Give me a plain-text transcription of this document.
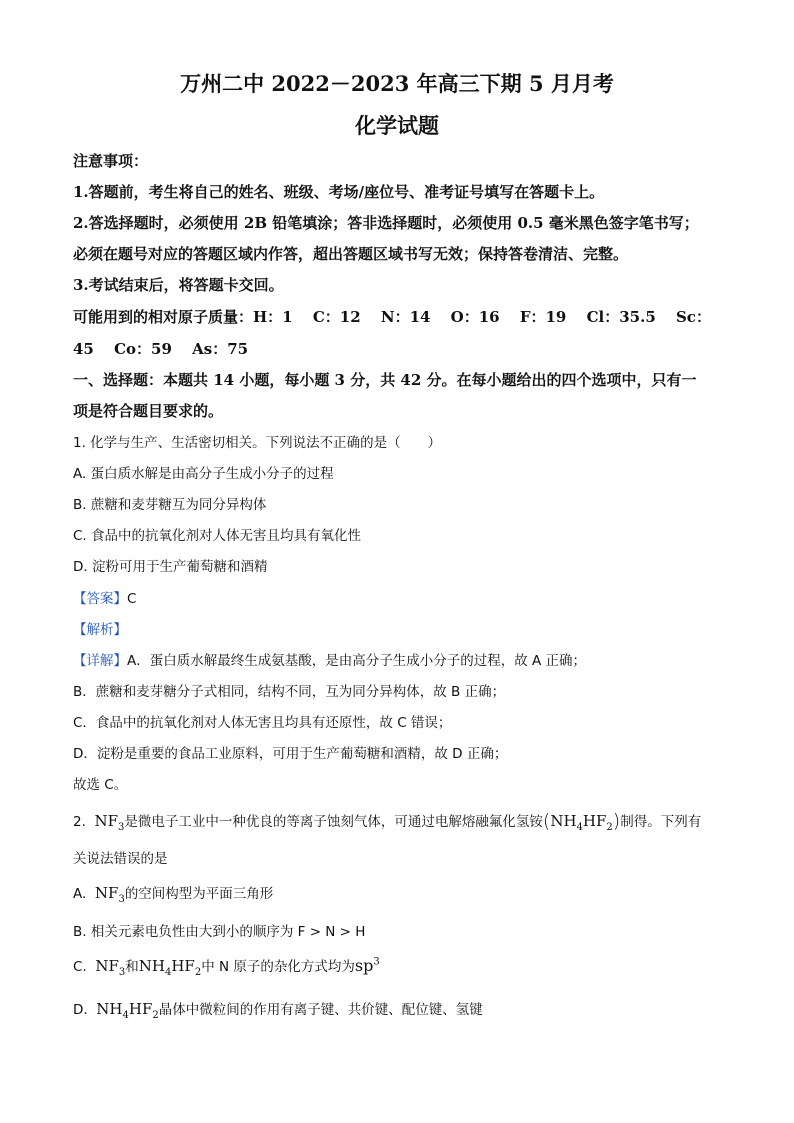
万州二中 2022－2023 年高三下期 5 月月考
化学试题
注意事项：
1.答题前，考生将自己的姓名、班级、考场/座位号、准考证号填写在答题卡上。
2.答选择题时，必须使用 2B 铅笔填涂；答非选择题时，必须使用 0.5 毫米黑色签字笔书写；
必须在题号对应的答题区域内作答，超出答题区域书写无效；保持答卷清洁、完整。
3.考试结束后，将答题卡交回。
可能用到的相对原子质量：H：1　 C：12　 N：14　 O：16　 F：19　 Cl：35.5　 Sc：
45　 Co：59　 As：75
一、选择题：本题共 14 小题，每小题 3 分，共 42 分。在每小题给出的四个选项中，只有一
项是符合题目要求的。
1. 化学与生产、生活密切相关。下列说法不正确的是（　　）
A. 蛋白质水解是由高分子生成小分子的过程
B. 蔗糖和麦芽糖互为同分异构体
C. 食品中的抗氧化剂对人体无害且均具有氧化性
D. 淀粉可用于生产葡萄糖和酒精
【答案】C
【解析】
【详解】A．蛋白质水解最终生成氨基酸，是由高分子生成小分子的过程，故 A 正确；
B．蔗糖和麦芽糖分子式相同，结构不同，互为同分异构体，故 B 正确；
C．食品中的抗氧化剂对人体无害且均具有还原性，故 C 错误；
D．淀粉是重要的食品工业原料，可用于生产葡萄糖和酒精，故 D 正确；
故选 C。
2. $NF_3$是微电子工业中一种优良的等离子蚀刻气体，可通过电解熔融氟化氢铵$(NH_4HF_2)$制得。下列有
关说法错误的是
A. $NF_3$的空间构型为平面三角形
B. 相关元素电负性由大到小的顺序为 F > N > H
C. $NF_3$和$NH_4HF_2$中 N 原子的杂化方式均为$sp^3$
D. $NH_4HF_2$晶体中微粒间的作用有离子键、共价键、配位键、氢键
